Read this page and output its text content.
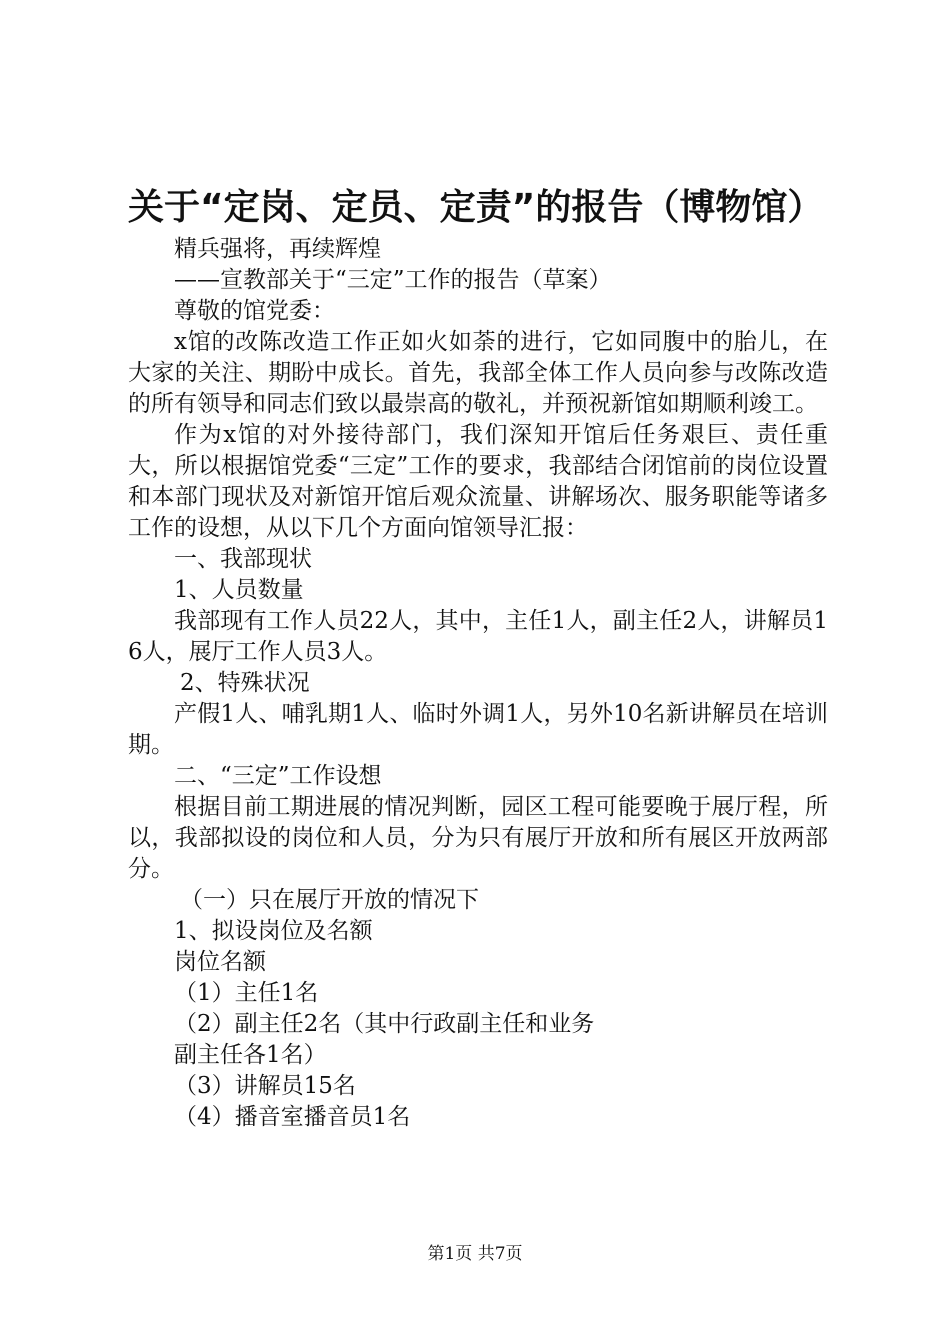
关于“定岗、定员、定责”的报告（博物馆）

精兵强将，再续辉煌

——宣教部关于“三定”工作的报告（草案）

尊敬的馆党委：

x馆的改陈改造工作正如火如荼的进行，它如同腹中的胎儿，在大家的关注、期盼中成长。首先，我部全体工作人员向参与改陈改造的所有领导和同志们致以最崇高的敬礼，并预祝新馆如期顺利竣工。

作为x馆的对外接待部门，我们深知开馆后任务艰巨、责任重大，所以根据馆党委“三定”工作的要求，我部结合闭馆前的岗位设置和本部门现状及对新馆开馆后观众流量、讲解场次、服务职能等诸多工作的设想，从以下几个方面向馆领导汇报：

一、我部现状

1、人员数量

我部现有工作人员22人，其中，主任1人，副主任2人，讲解员16人，展厅工作人员3人。

2、特殊状况

产假1人、哺乳期1人、临时外调1人，另外10名新讲解员在培训期。

二、“三定”工作设想

根据目前工期进展的情况判断，园区工程可能要晚于展厅程，所以，我部拟设的岗位和人员，分为只有展厅开放和所有展区开放两部分。

（一）只在展厅开放的情况下

1、拟设岗位及名额

岗位名额

（1）主任1名

（2）副主任2名（其中行政副主任和业务

副主任各1名）

（3）讲解员15名

（4）播音室播音员1名

第1页 共7页
